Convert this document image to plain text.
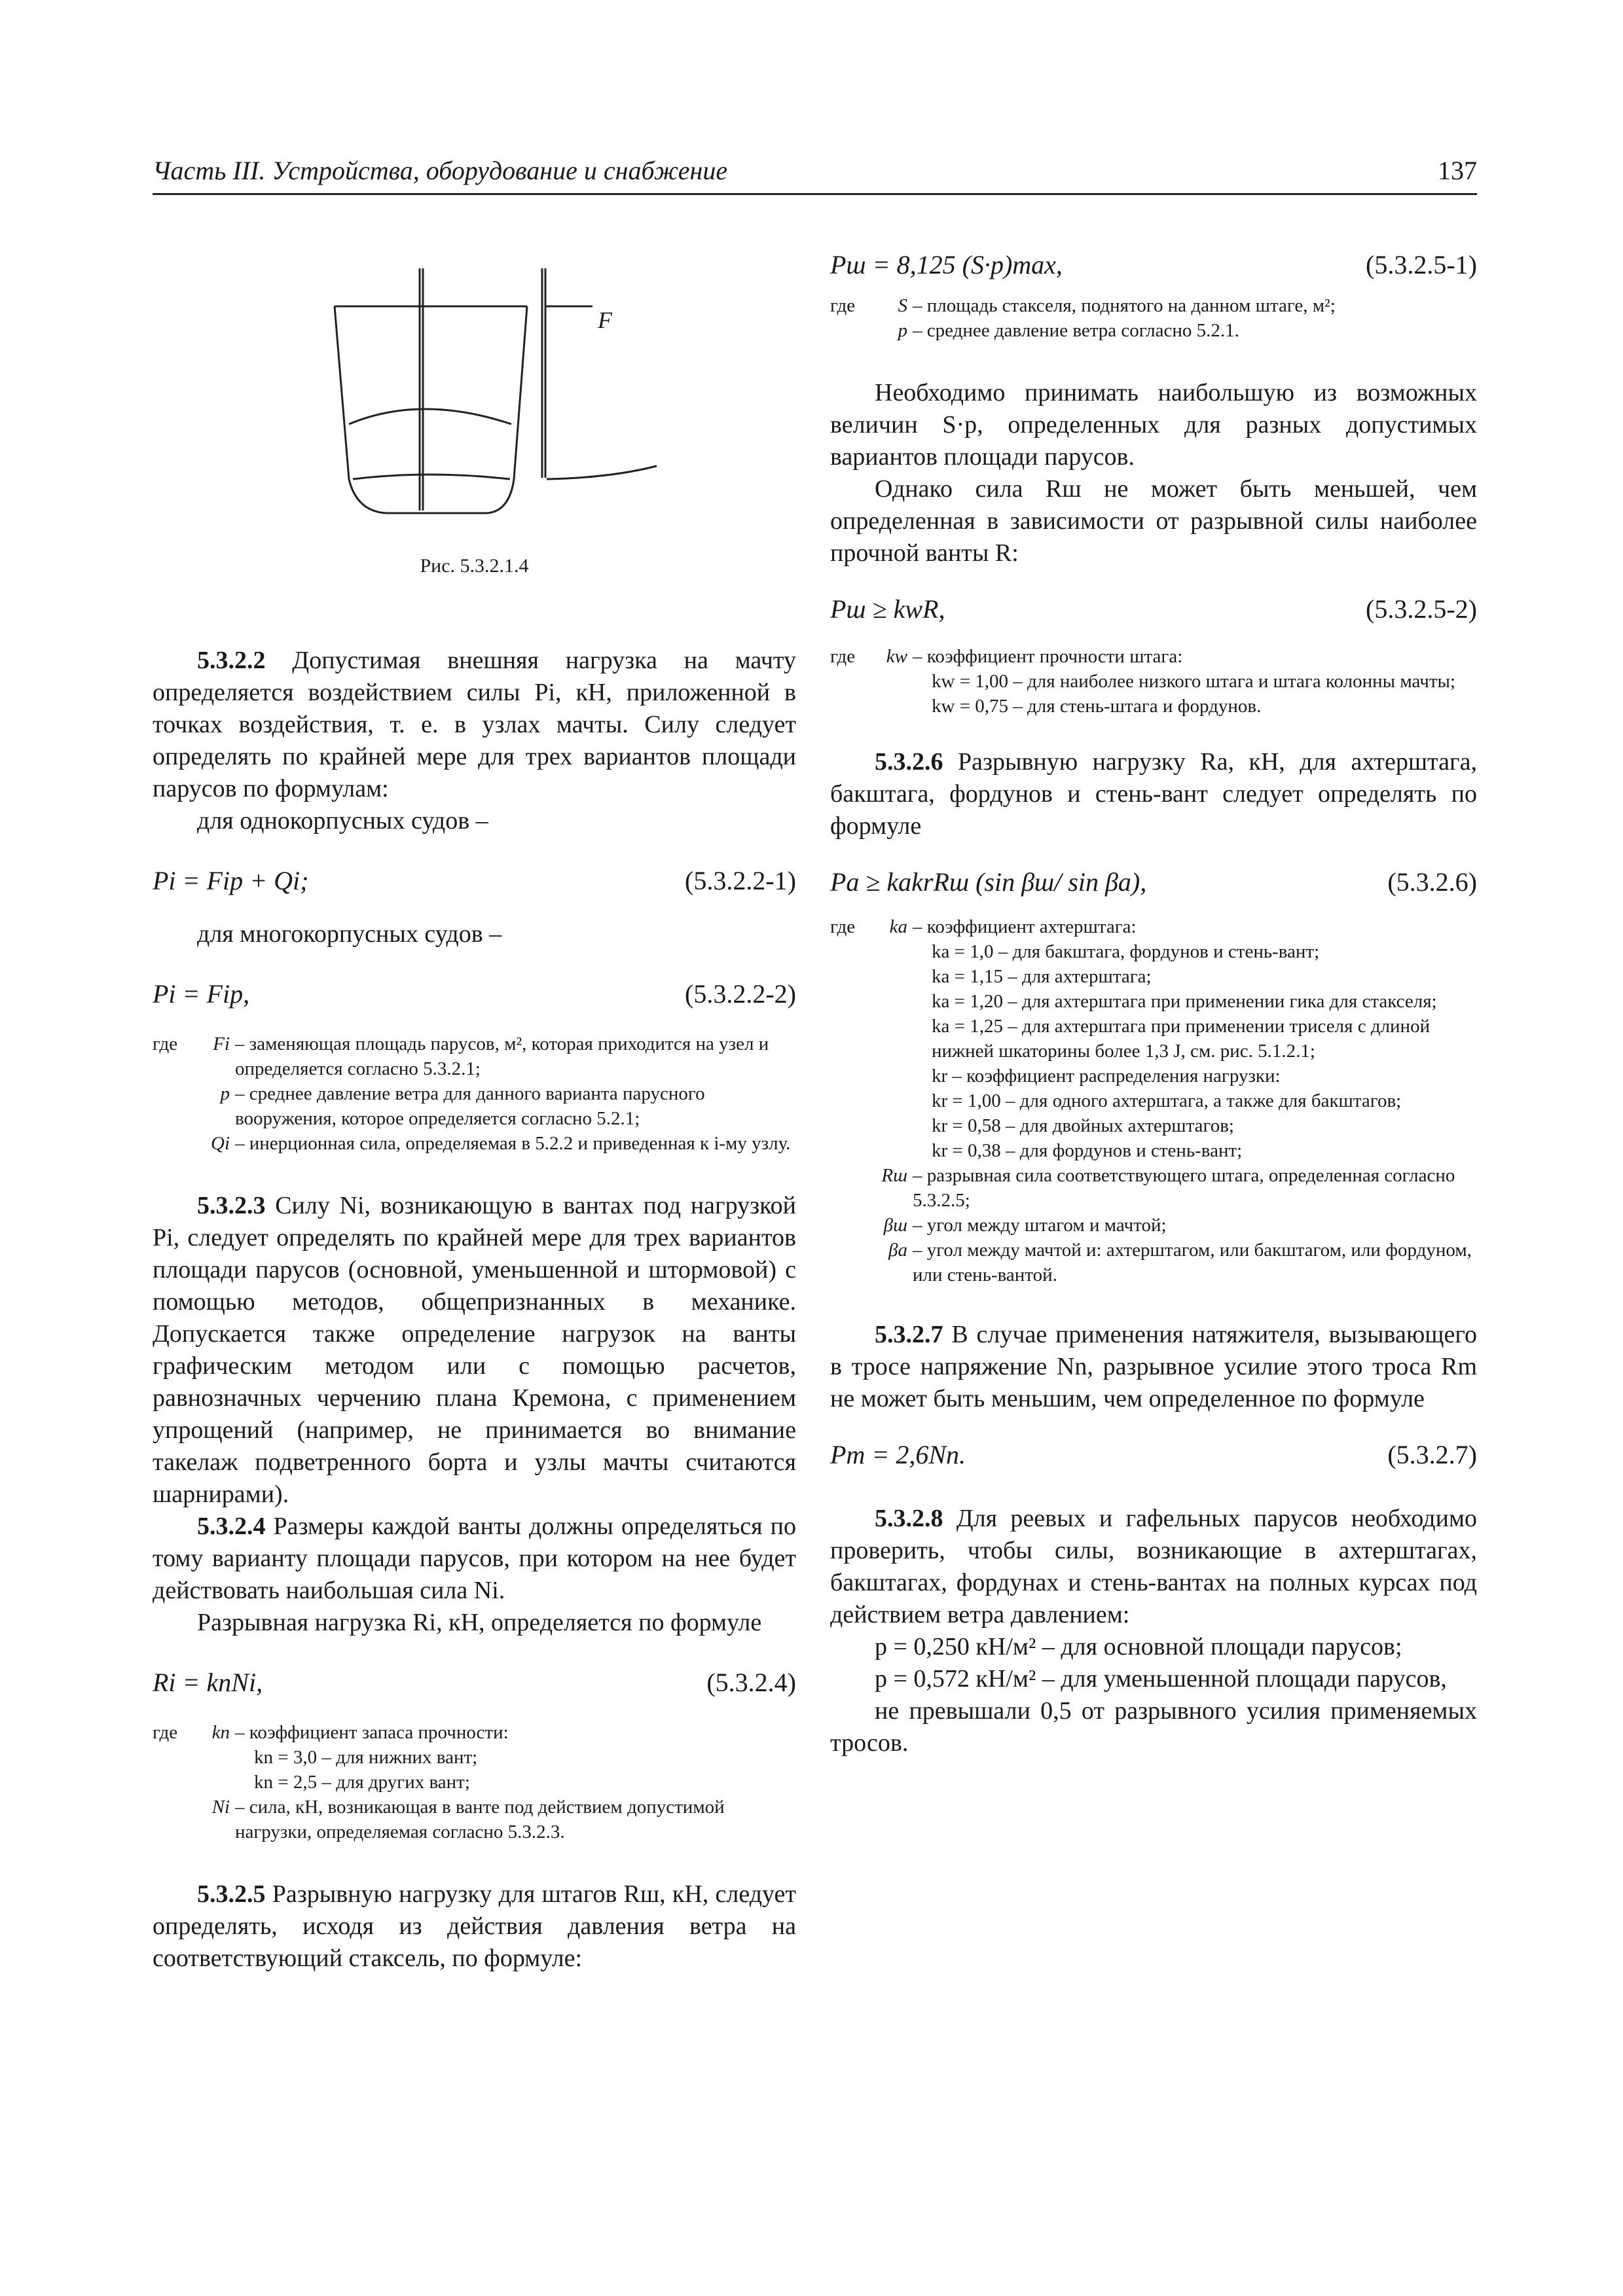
Часть III. Устройства, оборудование и снабжение	137
F
Рис. 5.3.2.1.4

5.3.2.2 Допустимая внешняя нагрузка на мачту определяется воздействием силы Pi, кН, приложенной в точках воздействия, т. е. в узлах мачты. Силу следует определять по крайней мере для трех вариантов площади парусов по формулам:

для однокорпусных судов –

Pi = Fip + Qi;	(5.3.2.2-1)

для многокорпусных судов –

Pi = Fip,	(5.3.2.2-2)
где	Fi	– заменяющая площадь парусов, м², которая приходится на узел и определяется согласно 5.3.2.1;
	p	– среднее давление ветра для данного варианта парусного вооружения, которое определяется согласно 5.2.1;
	Qi	– инерционная сила, определяемая в 5.2.2 и приведенная к i-му узлу.

5.3.2.3 Силу Ni, возникающую в вантах под нагрузкой Pi, следует определять по крайней мере для трех вариантов площади парусов (основной, уменьшенной и штормовой) с помощью методов, общепризнанных в механике. Допускается также определение нагрузок на ванты графическим методом или с помощью расчетов, равнозначных черчению плана Кремона, с применением упрощений (например, не принимается во внимание такелаж подветренного борта и узлы мачты считаются шарнирами).

5.3.2.4 Размеры каждой ванты должны определяться по тому варианту площади парусов, при котором на нее будет действовать наибольшая сила Ni.

Разрывная нагрузка Ri, кН, определяется по формуле

Ri = knNi,	(5.3.2.4)
где	kn	– коэффициент запаса прочности:

kn = 3,0 – для нижних вант;

kn = 2,5 – для других вант;

	Ni	– сила, кН, возникающая в ванте под действием допустимой нагрузки, определяемая согласно 5.3.2.3.

5.3.2.5 Разрывную нагрузку для штагов Rш, кН, следует определять, исходя из действия давления ветра на соответствующий стаксель, по формуле:

Pш = 8,125 (S·p)max,	(5.3.2.5-1)
где	S	– площадь стакселя, поднятого на данном штаге, м²;
	p	– среднее давление ветра согласно 5.2.1.

Необходимо принимать наибольшую из возможных величин S·p, определенных для разных допустимых вариантов площади парусов.

Однако сила Rш не может быть меньшей, чем определенная в зависимости от разрывной силы наиболее прочной ванты R:

Pш ≥ kwR,	(5.3.2.5-2)
где	kw	– коэффициент прочности штага:

kw = 1,00 – для наиболее низкого штага и штага колонны мачты;

kw = 0,75 – для стень-штага и фордунов.

5.3.2.6 Разрывную нагрузку Ra, кН, для ахтерштага, бакштага, фордунов и стень-вант следует определять по формуле

Pa ≥ kakrRш (sin βш/ sin βa),	(5.3.2.6)
где	ka	– коэффициент ахтерштага:

ka = 1,0 – для бакштага, фордунов и стень-вант;

ka = 1,15 – для ахтерштага;

ka = 1,20 – для ахтерштага при применении гика для стакселя;

ka = 1,25 – для ахтерштага при применении триселя с длиной нижней шкаторины более 1,3 J, см. рис. 5.1.2.1;

kr – коэффициент распределения нагрузки:

kr = 1,00 – для одного ахтерштага, а также для бакштагов;

kr = 0,58 – для двойных ахтерштагов;

kr = 0,38 – для фордунов и стень-вант;

	Rш	– разрывная сила соответствующего штага, определенная согласно 5.3.2.5;
	βш	– угол между штагом и мачтой;
	βa	– угол между мачтой и: ахтерштагом, или бакштагом, или фордуном, или стень-вантой.

5.3.2.7 В случае применения натяжителя, вызывающего в тросе напряжение Nn, разрывное усилие этого троса Rm не может быть меньшим, чем определенное по формуле

Pm = 2,6Nn.	(5.3.2.7)

5.3.2.8 Для реевых и гафельных парусов необходимо проверить, чтобы силы, возникающие в ахтерштагах, бакштагах, фордунах и стень-вантах на полных курсах под действием ветра давлением:

p = 0,250 кН/м² – для основной площади парусов;

p = 0,572 кН/м² – для уменьшенной площади парусов,

не превышали 0,5 от разрывного усилия применяемых тросов.
